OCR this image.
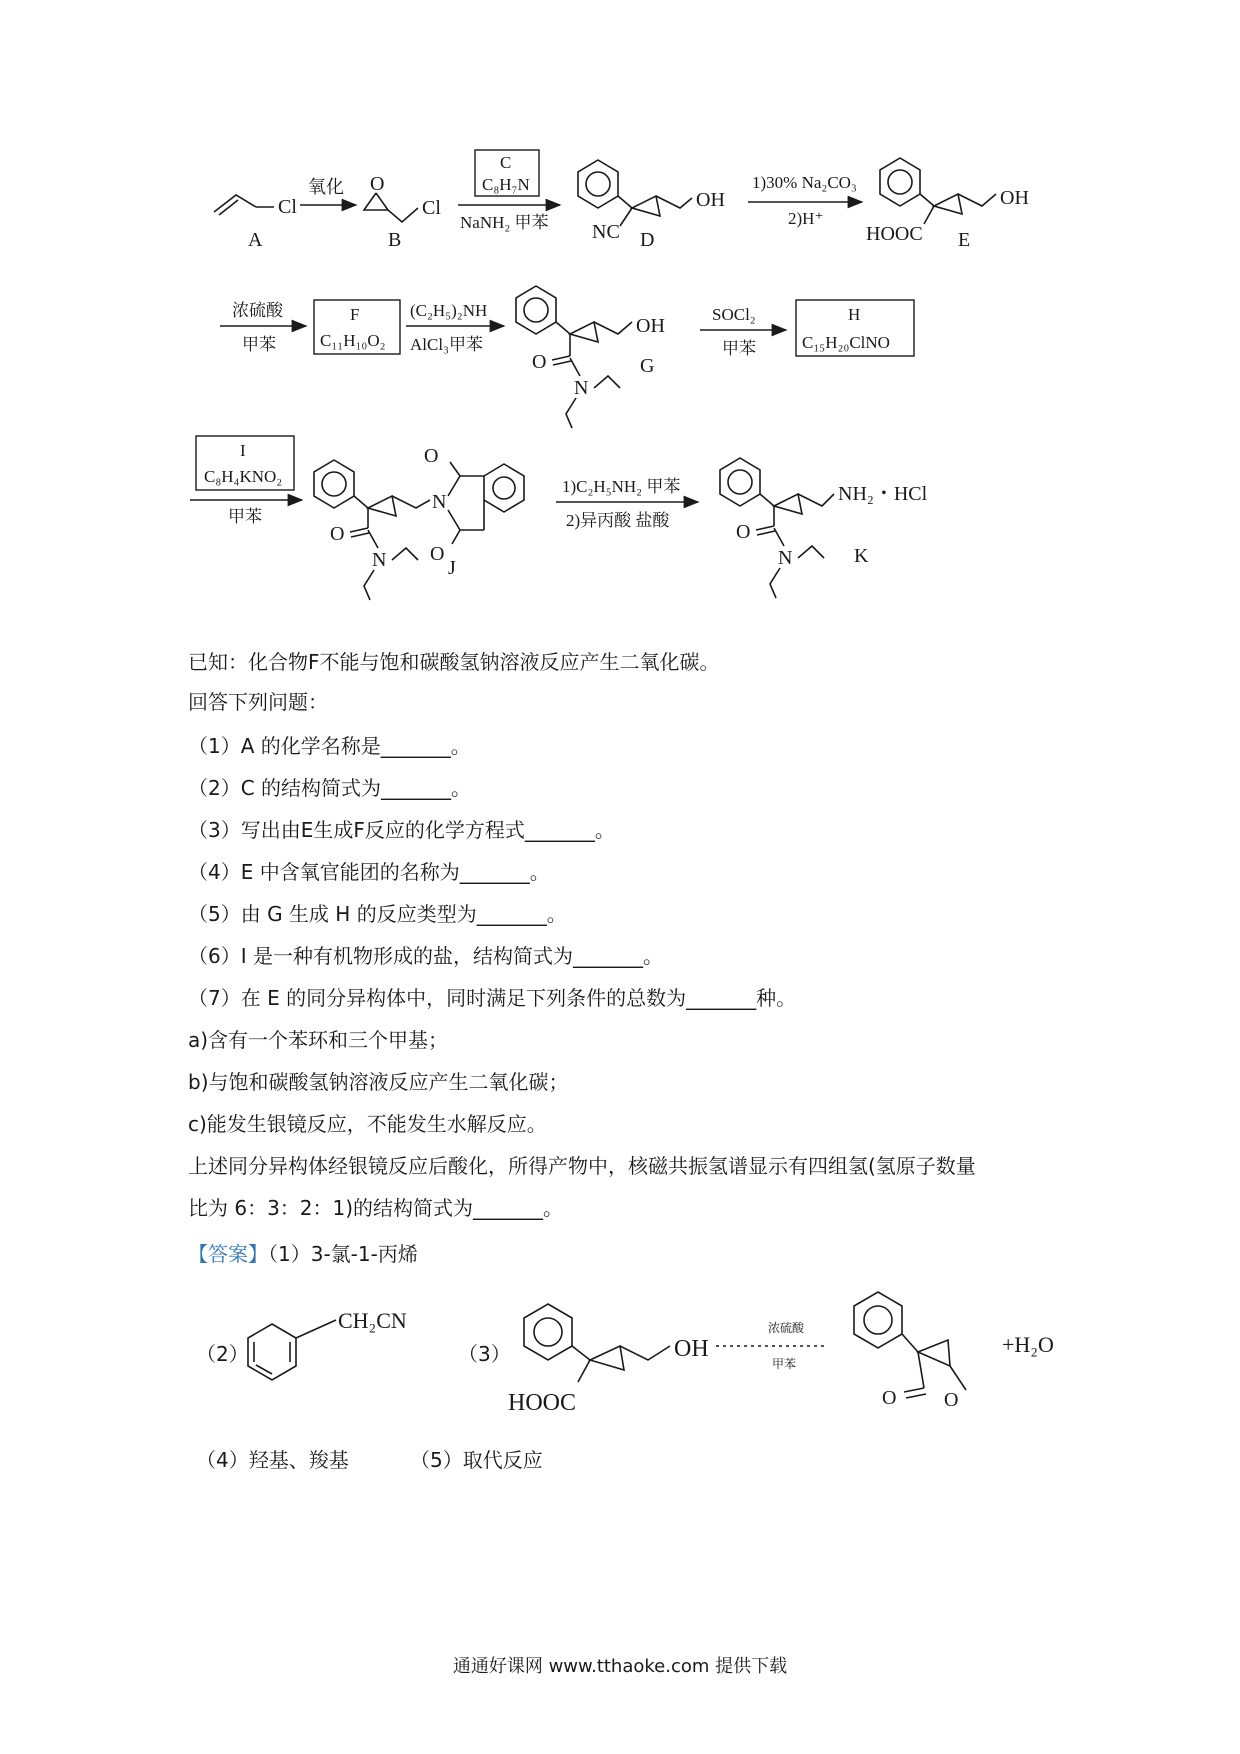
Cl
A
氧化 O
Cl
B
C
C₈H₇N
NaNH₂ 甲苯
OH
NC D
1)30% Na₂CO₃
2)H⁺
OH
HOOC E
浓硫酸
甲苯
F
C₁₁H₁₀O₂
(C₂H₅)₂NH
AlCl₃甲苯
OH
O
N
G
SOCl₂
甲苯
H
C₁₅H₂₀ClNO
I
C₈H₄KNO₂
甲苯
N
O
O
O
N	J
1)C₂H₅NH₂ 甲苯
2)异丙酸 盐酸
NH₂・HCl
O
N	K
已知：化合物F不能与饱和碳酸氢钠溶液反应产生二氧化碳。
回答下列问题：
（1）A 的化学名称是_______。
（2）C 的结构简式为_______。
（3）写出由E生成F反应的化学方程式_______。
（4）E 中含氧官能团的名称为_______。
（5）由 G 生成 H 的反应类型为_______。
（6）I 是一种有机物形成的盐，结构简式为_______。
（7）在 E 的同分异构体中，同时满足下列条件的总数为_______种。
a)含有一个苯环和三个甲基；
b)与饱和碳酸氢钠溶液反应产生二氧化碳；
c)能发生银镜反应，不能发生水解反应。
上述同分异构体经银镜反应后酸化，所得产物中，核磁共振氢谱显示有四组氢(氢原子数量
比为 6：3：2：1)的结构简式为_______。
【答案】（1）3-氯-1-丙烯
（2）	（3）
CH₂CN
OH
HOOC
浓硫酸
甲苯
O O
+H₂O
（4）羟基、羧基	（5）取代反应
通通好课网 www.tthaoke.com 提供下载
